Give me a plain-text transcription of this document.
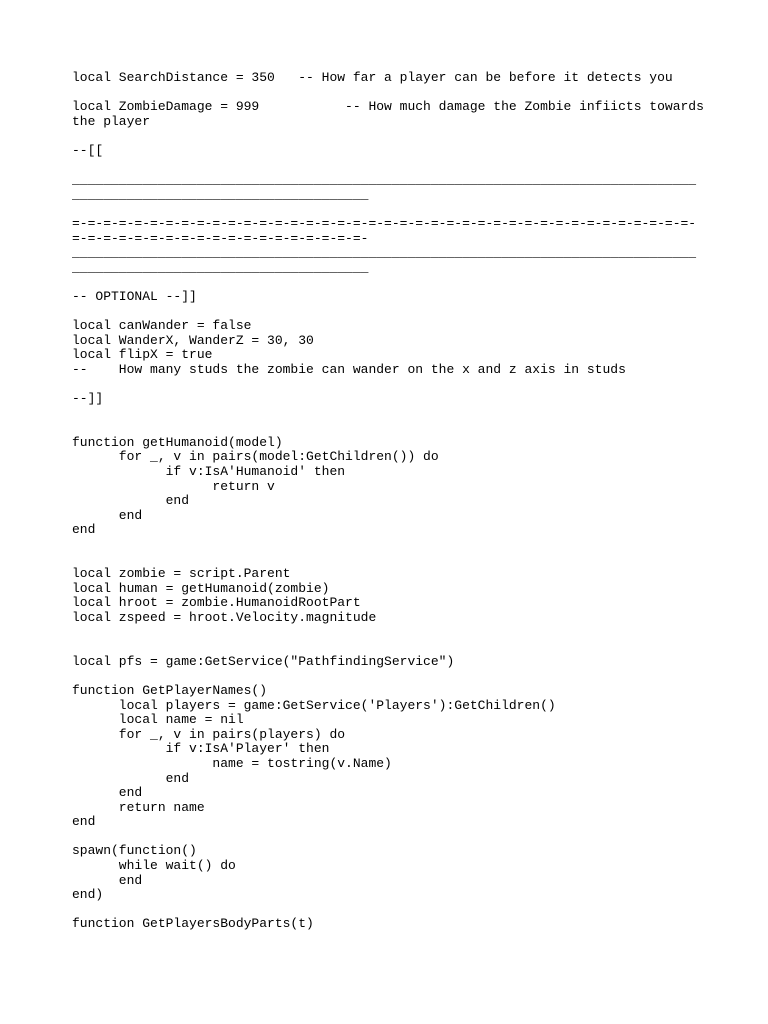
local SearchDistance = 350   -- How far a player can be before it detects you
local ZombieDamage = 999           -- How much damage the Zombie infiicts towards
the player
--[[
______________________________________________________________________________________________________________________
=-=-=-=-=-=-=-=-=-=-=-=-=-=-=-=-=-=-=-=-=-=-=-=-=-=-=-=-=-=-=-=-=-=-=-=-=-=-=-=-=-=-=-=-=-=-=-=-=-=-=-=-=-=-=-=-=-=-=-
______________________________________________________________________________________________________________________
-- OPTIONAL --]]
local canWander = false
local WanderX, WanderZ = 30, 30
local flipX = true
--    How many studs the zombie can wander on the x and z axis in studs
--]]
function getHumanoid(model)
for _, v in pairs(model:GetChildren()) do
if v:IsA'Humanoid' then
return v
end
end
end
local zombie = script.Parent
local human = getHumanoid(zombie)
local hroot = zombie.HumanoidRootPart
local zspeed = hroot.Velocity.magnitude
local pfs = game:GetService("PathfindingService")
function GetPlayerNames()
local players = game:GetService('Players'):GetChildren()
local name = nil
for _, v in pairs(players) do
if v:IsA'Player' then
name = tostring(v.Name)
end
end
return name
end
spawn(function()
while wait() do
end
end)
function GetPlayersBodyParts(t)
